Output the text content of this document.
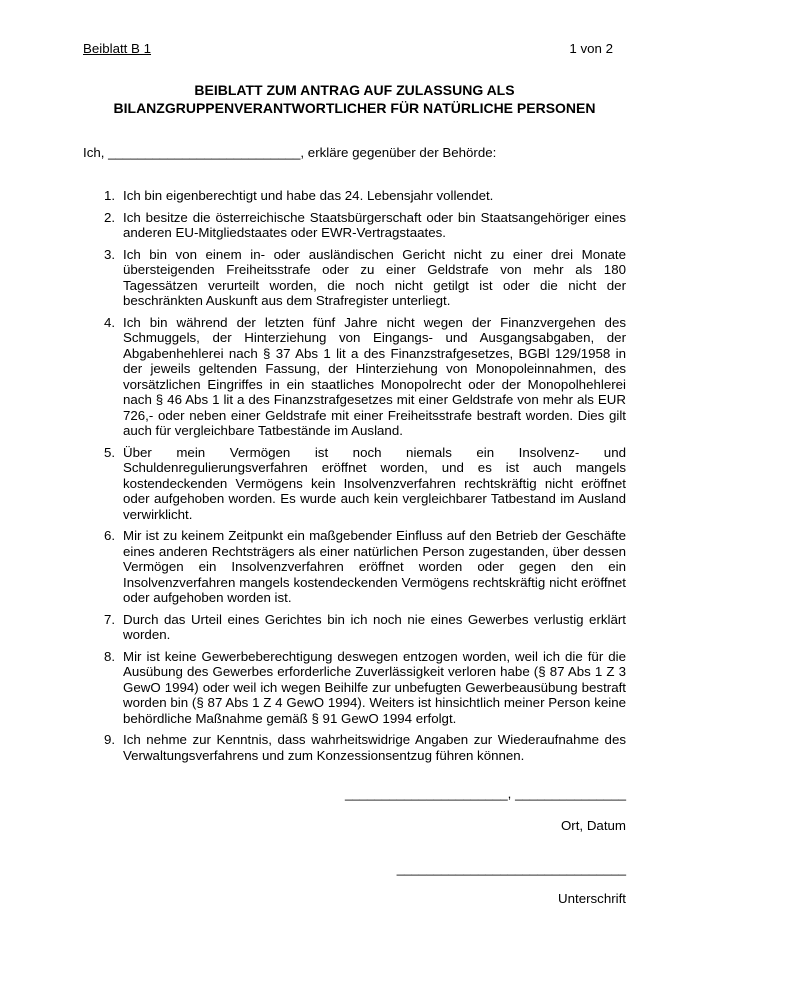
Beiblatt B 1	1 von 2
BEIBLATT ZUM ANTRAG AUF ZULASSUNG ALS
BILANZGRUPPENVERANTWORTLICHER FÜR NATÜRLICHE PERSONEN
Ich, __________________________, erkläre gegenüber der Behörde:
1. Ich bin eigenberechtigt und habe das 24. Lebensjahr vollendet.
2. Ich besitze die österreichische Staatsbürgerschaft oder bin Staatsangehöriger eines anderen EU-Mitgliedstaates oder EWR-Vertragstaates.
3. Ich bin von einem in- oder ausländischen Gericht nicht zu einer drei Monate übersteigenden Freiheitsstrafe oder zu einer Geldstrafe von mehr als 180 Tagessätzen verurteilt worden, die noch nicht getilgt ist oder die nicht der beschränkten Auskunft aus dem Strafregister unterliegt.
4. Ich bin während der letzten fünf Jahre nicht wegen der Finanzvergehen des Schmuggels, der Hinterziehung von Eingangs- und Ausgangsabgaben, der Abgabenhehlerei nach § 37 Abs 1 lit a des Finanzstrafgesetzes, BGBl 129/1958 in der jeweils geltenden Fassung, der Hinterziehung von Monopoleinnahmen, des vorsätzlichen Eingriffes in ein staatliches Monopolrecht oder der Monopolhehlerei nach § 46 Abs 1 lit a des Finanzstrafgesetzes mit einer Geldstrafe von mehr als EUR 726,- oder neben einer Geldstrafe mit einer Freiheitsstrafe bestraft worden. Dies gilt auch für vergleichbare Tatbestände im Ausland.
5. Über mein Vermögen ist noch niemals ein Insolvenz- und Schuldenregulierungsverfahren eröffnet worden, und es ist auch mangels kostendeckenden Vermögens kein Insolvenzverfahren rechtskräftig nicht eröffnet oder aufgehoben worden. Es wurde auch kein vergleichbarer Tatbestand im Ausland verwirklicht.
6. Mir ist zu keinem Zeitpunkt ein maßgebender Einfluss auf den Betrieb der Geschäfte eines anderen Rechtsträgers als einer natürlichen Person zugestanden, über dessen Vermögen ein Insolvenzverfahren eröffnet worden oder gegen den ein Insolvenzverfahren mangels kostendeckenden Vermögens rechtskräftig nicht eröffnet oder aufgehoben worden ist.
7. Durch das Urteil eines Gerichtes bin ich noch nie eines Gewerbes verlustig erklärt worden.
8. Mir ist keine Gewerbeberechtigung deswegen entzogen worden, weil ich die für die Ausübung des Gewerbes erforderliche Zuverlässigkeit verloren habe (§ 87 Abs 1 Z 3 GewO 1994) oder weil ich wegen Beihilfe zur unbefugten Gewerbeausübung bestraft worden bin (§ 87 Abs 1 Z 4 GewO 1994). Weiters ist hinsichtlich meiner Person keine behördliche Maßnahme gemäß § 91 GewO 1994 erfolgt.
9. Ich nehme zur Kenntnis, dass wahrheitswidrige Angaben zur Wiederaufnahme des Verwaltungsverfahrens und zum Konzessionsentzug führen können.
______________________, _______________
Ort, Datum
_______________________________
Unterschrift
